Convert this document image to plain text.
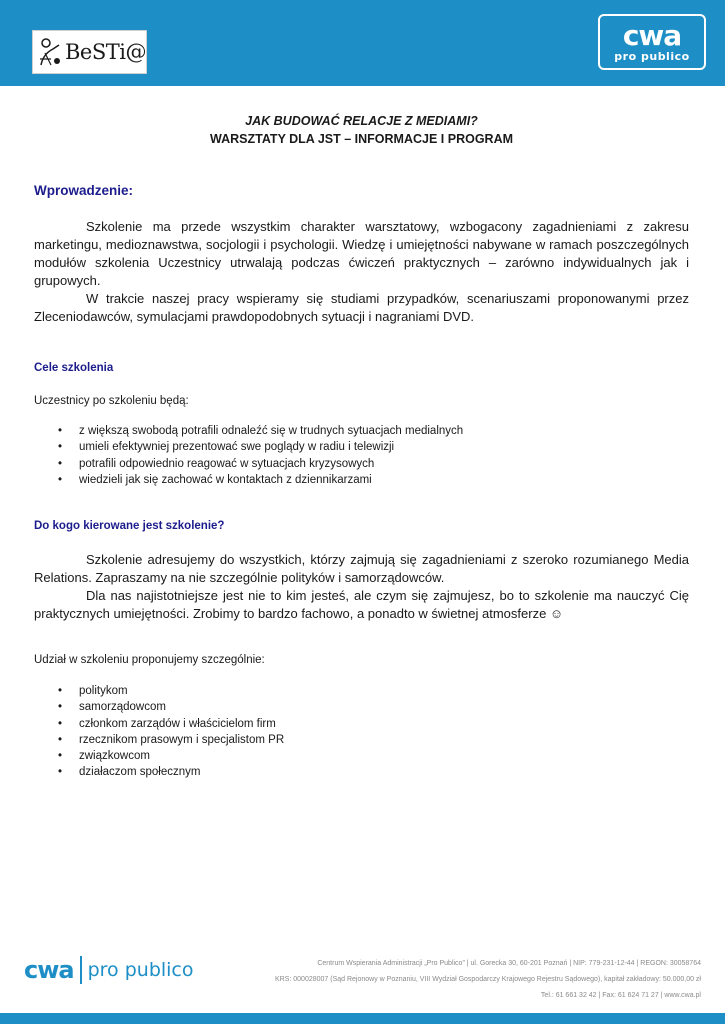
BeSTi@
cwa
pro publico

JAK BUDOWAĆ RELACJE Z MEDIAMI?

WARSZTATY DLA JST – INFORMACJE I PROGRAM

Wprowadzenie:

Szkolenie ma przede wszystkim charakter warsztatowy, wzbogacony zagadnieniami z zakresu marketingu, medioznawstwa, socjologii i psychologii. Wiedzę i umiejętności nabywane w ramach poszczególnych modułów szkolenia Uczestnicy utrwalają podczas ćwiczeń praktycznych – zarówno indywidualnych jak i grupowych.

W trakcie naszej pracy wspieramy się studiami przypadków, scenariuszami proponowanymi przez Zleceniodawców, symulacjami prawdopodobnych sytuacji i nagraniami DVD.

Cele szkolenia

Uczestnicy po szkoleniu będą:

• z większą swobodą potrafili odnaleźć się w trudnych sytuacjach medialnych
• umieli efektywniej prezentować swe poglądy w radiu i telewizji
• potrafili odpowiednio reagować w sytuacjach kryzysowych
• wiedzieli jak się zachować w kontaktach z dziennikarzami
Do kogo kierowane jest szkolenie?

Szkolenie adresujemy do wszystkich, którzy zajmują się zagadnieniami z szeroko rozumianego Media Relations. Zapraszamy na nie szczególnie polityków i samorządowców.

Dla nas najistotniejsze jest nie to kim jesteś, ale czym się zajmujesz, bo to szkolenie ma nauczyć Cię praktycznych umiejętności. Zrobimy to bardzo fachowo, a ponadto w świetnej atmosferze ☺

Udział w szkoleniu proponujemy szczególnie:

• politykom
• samorządowcom
• członkom zarządów i właścicielom firm
• rzecznikom prasowym i specjalistom PR
• związkowcom
• działaczom społecznym
cwa pro publico	Centrum Wspierania Administracji „Pro Publico” | ul. Gorecka 30, 60-201 Poznań | NIP: 779-231-12-44 | REGON: 30058764
KRS: 000028007 (Sąd Rejonowy w Poznaniu, VIII Wydział Gospodarczy Krajowego Rejestru Sądowego), kapitał zakładowy: 50.000,00 zł
Tel.: 61 661 32 42 | Fax: 61 624 71 27 | www.cwa.pl
